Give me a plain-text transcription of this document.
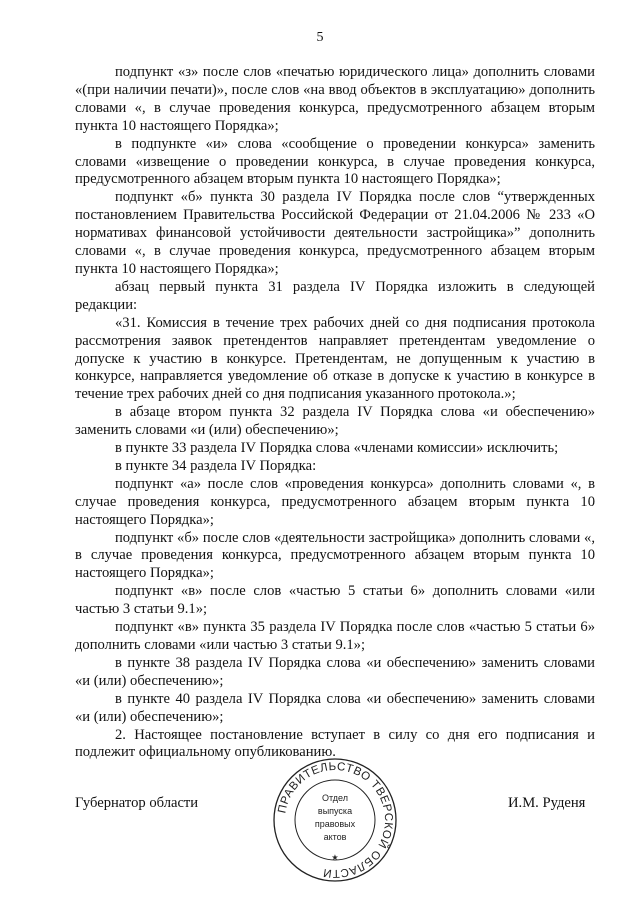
5

подпункт «з» после слов «печатью юридического лица» дополнить словами «(при наличии печати)», после слов «на ввод объектов в эксплуатацию» дополнить словами «, в случае проведения конкурса, предусмотренного абзацем вторым пункта 10 настоящего Порядка»;

в подпункте «и» слова «сообщение о проведении конкурса» заменить словами «извещение о проведении конкурса, в случае проведения конкурса, предусмотренного абзацем вторым пункта 10 настоящего Порядка»;

подпункт «б» пункта 30 раздела IV Порядка после слов “утвержденных постановлением Правительства Российской Федерации от 21.04.2006 № 233 «О нормативах финансовой устойчивости деятельности застройщика»” дополнить словами «, в случае проведения конкурса, предусмотренного абзацем вторым пункта 10 настоящего Порядка»;

абзац первый пункта 31 раздела IV Порядка изложить в следующей редакции:

«31. Комиссия в течение трех рабочих дней со дня подписания протокола рассмотрения заявок претендентов направляет претендентам уведомление о допуске к участию в конкурсе. Претендентам, не допущенным к участию в конкурсе, направляется уведомление об отказе в допуске к участию в конкурсе в течение трех рабочих дней со дня подписания указанного протокола.»;

в абзаце втором пункта 32 раздела IV Порядка слова «и обеспечению» заменить словами «и (или) обеспечению»;

в пункте 33 раздела IV Порядка слова «членами комиссии» исключить;

в пункте 34 раздела IV Порядка:

подпункт «а» после слов «проведения конкурса» дополнить словами «, в случае проведения конкурса, предусмотренного абзацем вторым пункта 10 настоящего Порядка»;

подпункт «б» после слов «деятельности застройщика» дополнить словами «, в случае проведения конкурса, предусмотренного абзацем вторым пункта 10 настоящего Порядка»;

подпункт «в» после слов «частью 5 статьи 6» дополнить словами «или частью 3 статьи 9.1»;

подпункт «в» пункта 35 раздела IV Порядка после слов «частью 5 статьи 6» дополнить словами «или частью 3 статьи 9.1»;

в пункте 38 раздела IV Порядка слова «и обеспечению» заменить словами «и (или) обеспечению»;

в пункте 40 раздела IV Порядка слова «и обеспечению» заменить словами «и (или) обеспечению»;

2. Настоящее постановление вступает в силу со дня его подписания и подлежит официальному опубликованию.

Губернатор области	И.М. Руденя
ПРАВИТЕЛЬСТВО ТВЕРСКОЙ ОБЛАСТИ
Отдел
выпуска
правовых
актов
★
